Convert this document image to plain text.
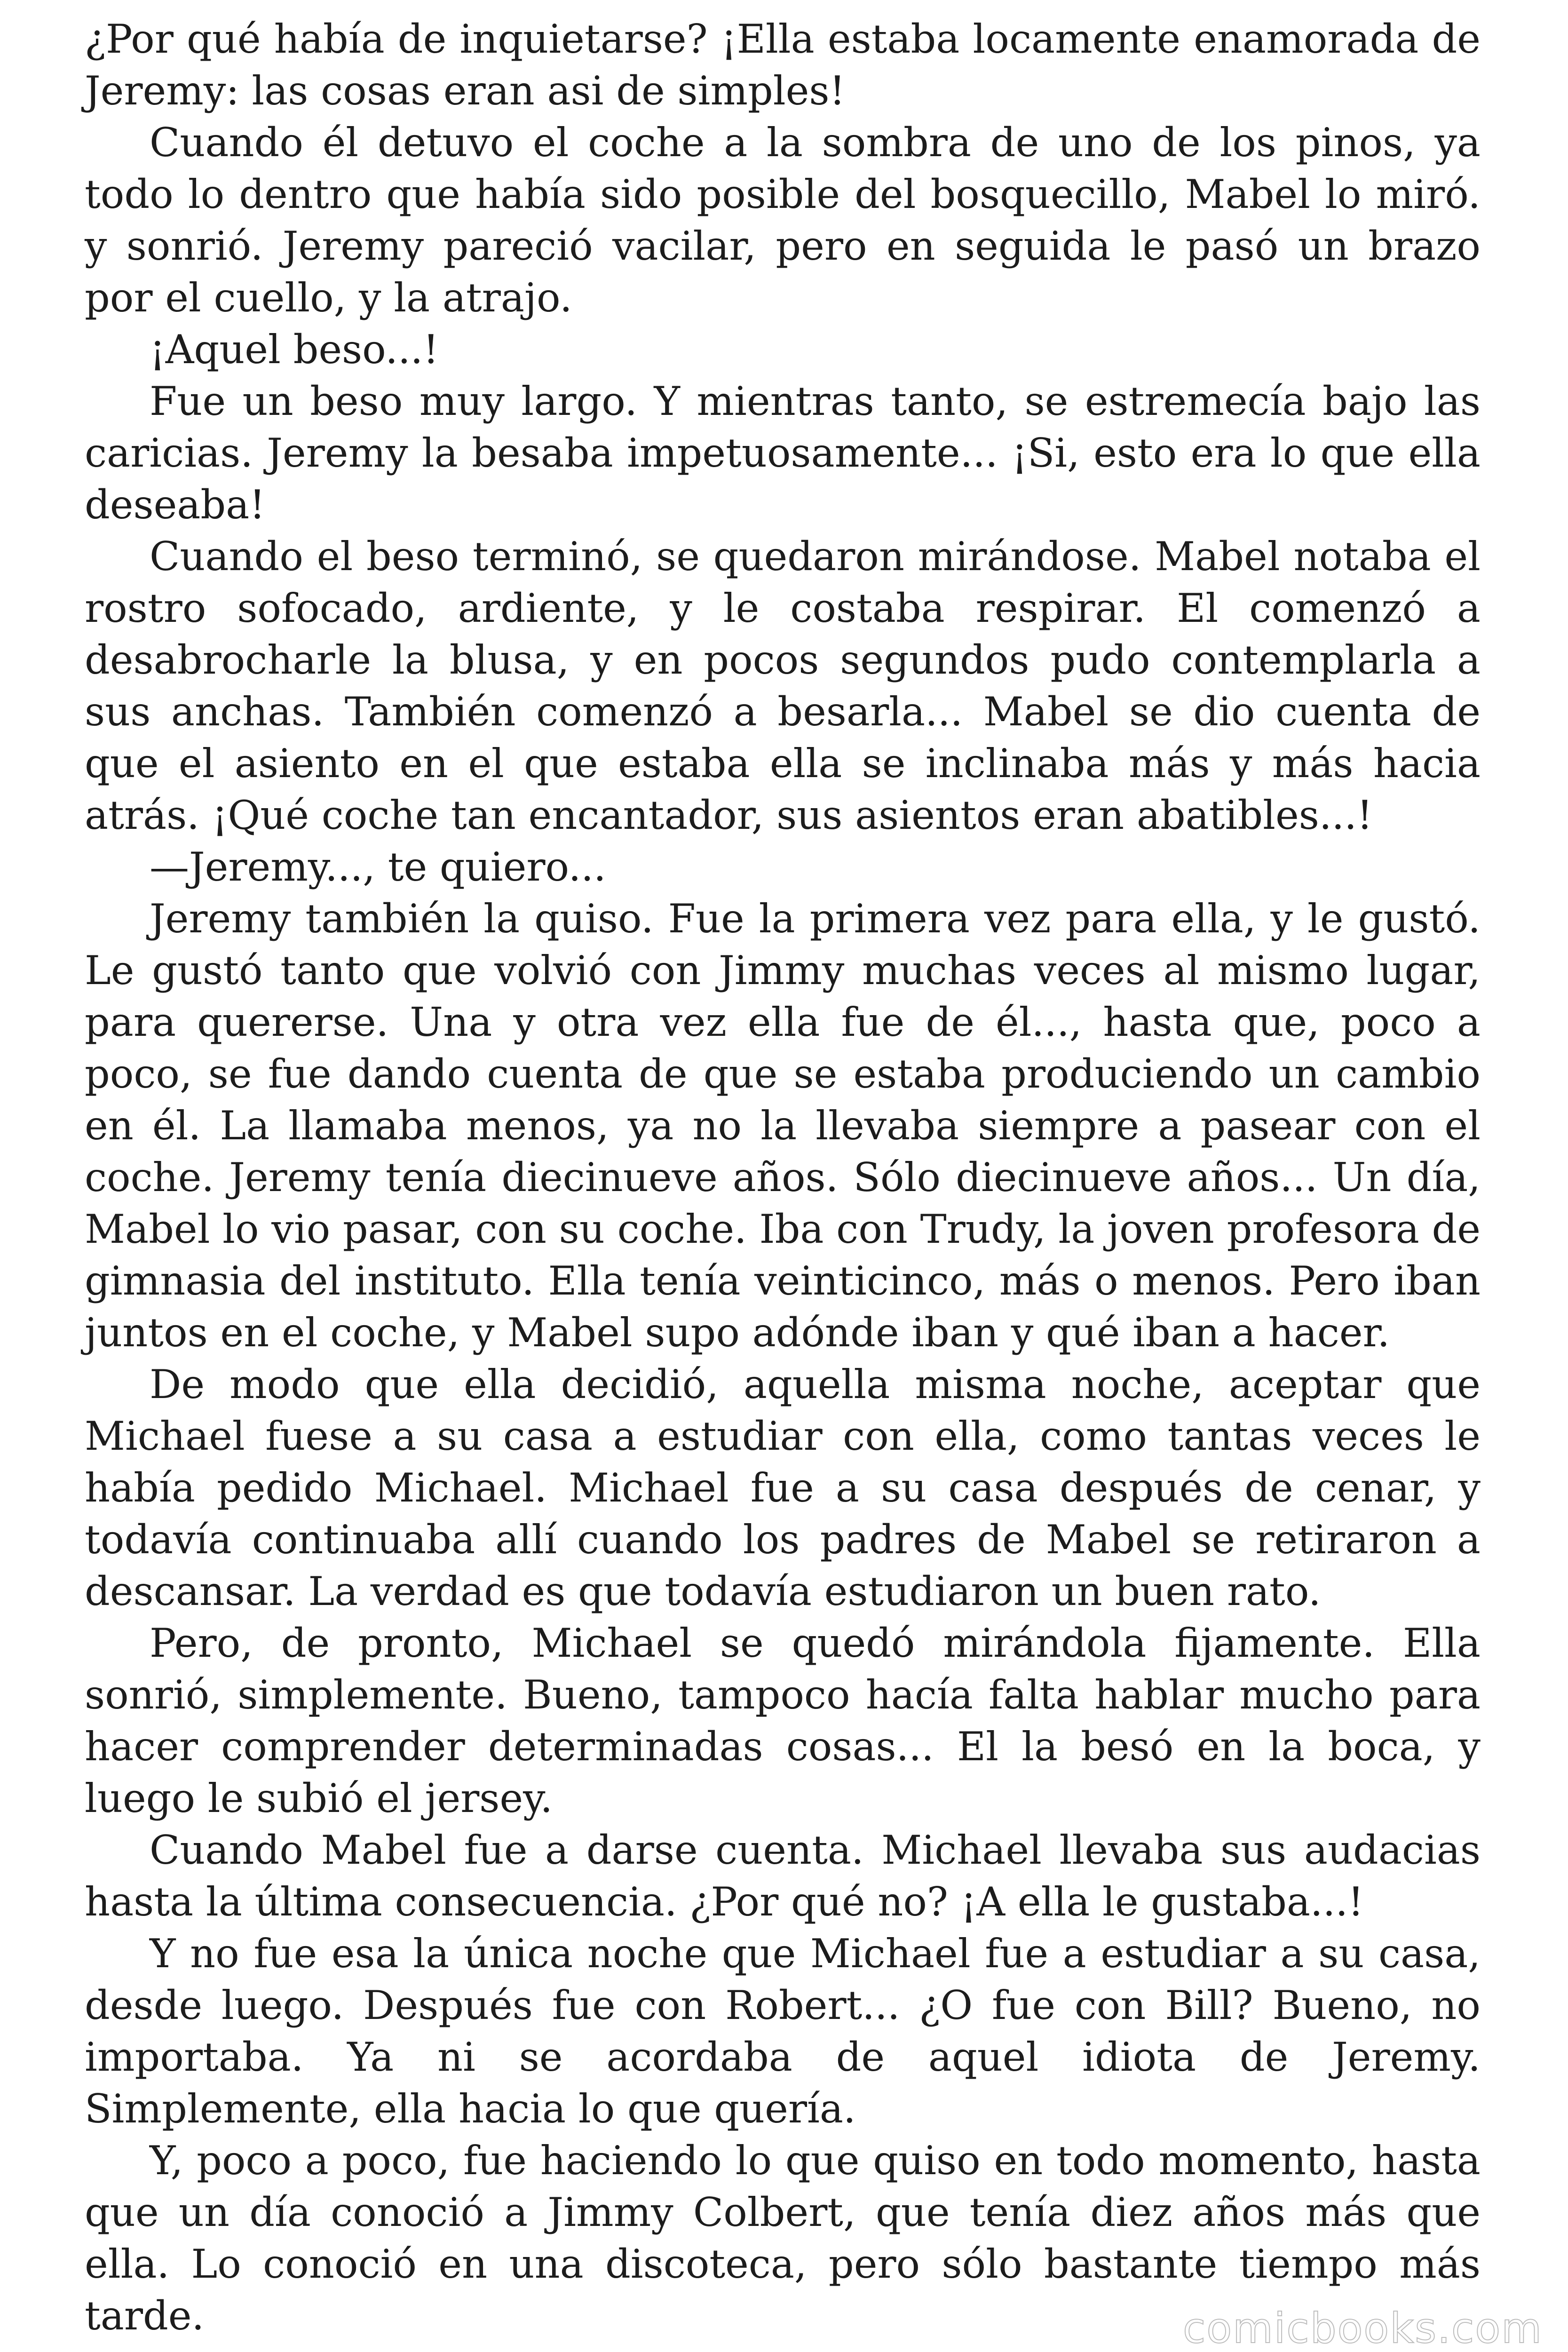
¿Por qué había de inquietarse? ¡Ella estaba locamente enamorada de Jeremy: las cosas eran asi de simples!

Cuando él detuvo el coche a la sombra de uno de los pinos, ya todo lo dentro que había sido posible del bosquecillo, Mabel lo miró. y sonrió. Jeremy pareció vacilar, pero en seguida le pasó un brazo por el cuello, y la atrajo.

¡Aquel beso...!

Fue un beso muy largo. Y mientras tanto, se estremecía bajo las caricias. Jeremy la besaba impetuosamente... ¡Si, esto era lo que ella deseaba!

Cuando el beso terminó, se quedaron mirándose. Mabel notaba el rostro sofocado, ardiente, y le costaba respirar. El comenzó a desabrocharle la blusa, y en pocos segundos pudo contemplarla a sus anchas. También comenzó a besarla... Mabel se dio cuenta de que el asiento en el que estaba ella se inclinaba más y más hacia atrás. ¡Qué coche tan encantador, sus asientos eran abatibles...!

—Jeremy..., te quiero...

Jeremy también la quiso. Fue la primera vez para ella, y le gustó. Le gustó tanto que volvió con Jimmy muchas veces al mismo lugar, para quererse. Una y otra vez ella fue de él..., hasta que, poco a poco, se fue dando cuenta de que se estaba produciendo un cambio en él. La llamaba menos, ya no la llevaba siempre a pasear con el coche. Jeremy tenía diecinueve años. Sólo diecinueve años... Un día, Mabel lo vio pasar, con su coche. Iba con Trudy, la joven profesora de gimnasia del instituto. Ella tenía veinticinco, más o menos. Pero iban juntos en el coche, y Mabel supo adónde iban y qué iban a hacer.

De modo que ella decidió, aquella misma noche, aceptar que Michael fuese a su casa a estudiar con ella, como tantas veces le había pedido Michael. Michael fue a su casa después de cenar, y todavía continuaba allí cuando los padres de Mabel se retiraron a descansar. La verdad es que todavía estudiaron un buen rato.

Pero, de pronto, Michael se quedó mirándola fijamente. Ella sonrió, simplemente. Bueno, tampoco hacía falta hablar mucho para hacer comprender determinadas cosas... El la besó en la boca, y luego le subió el jersey.

Cuando Mabel fue a darse cuenta. Michael llevaba sus audacias hasta la última consecuencia. ¿Por qué no? ¡A ella le gustaba...!

Y no fue esa la única noche que Michael fue a estudiar a su casa, desde luego. Después fue con Robert... ¿O fue con Bill? Bueno, no importaba. Ya ni se acordaba de aquel idiota de Jeremy. Simplemente, ella hacia lo que quería.

Y, poco a poco, fue haciendo lo que quiso en todo momento, hasta que un día conoció a Jimmy Colbert, que tenía diez años más que ella. Lo conoció en una discoteca, pero sólo bastante tiempo más tarde.	comicbooks.com
